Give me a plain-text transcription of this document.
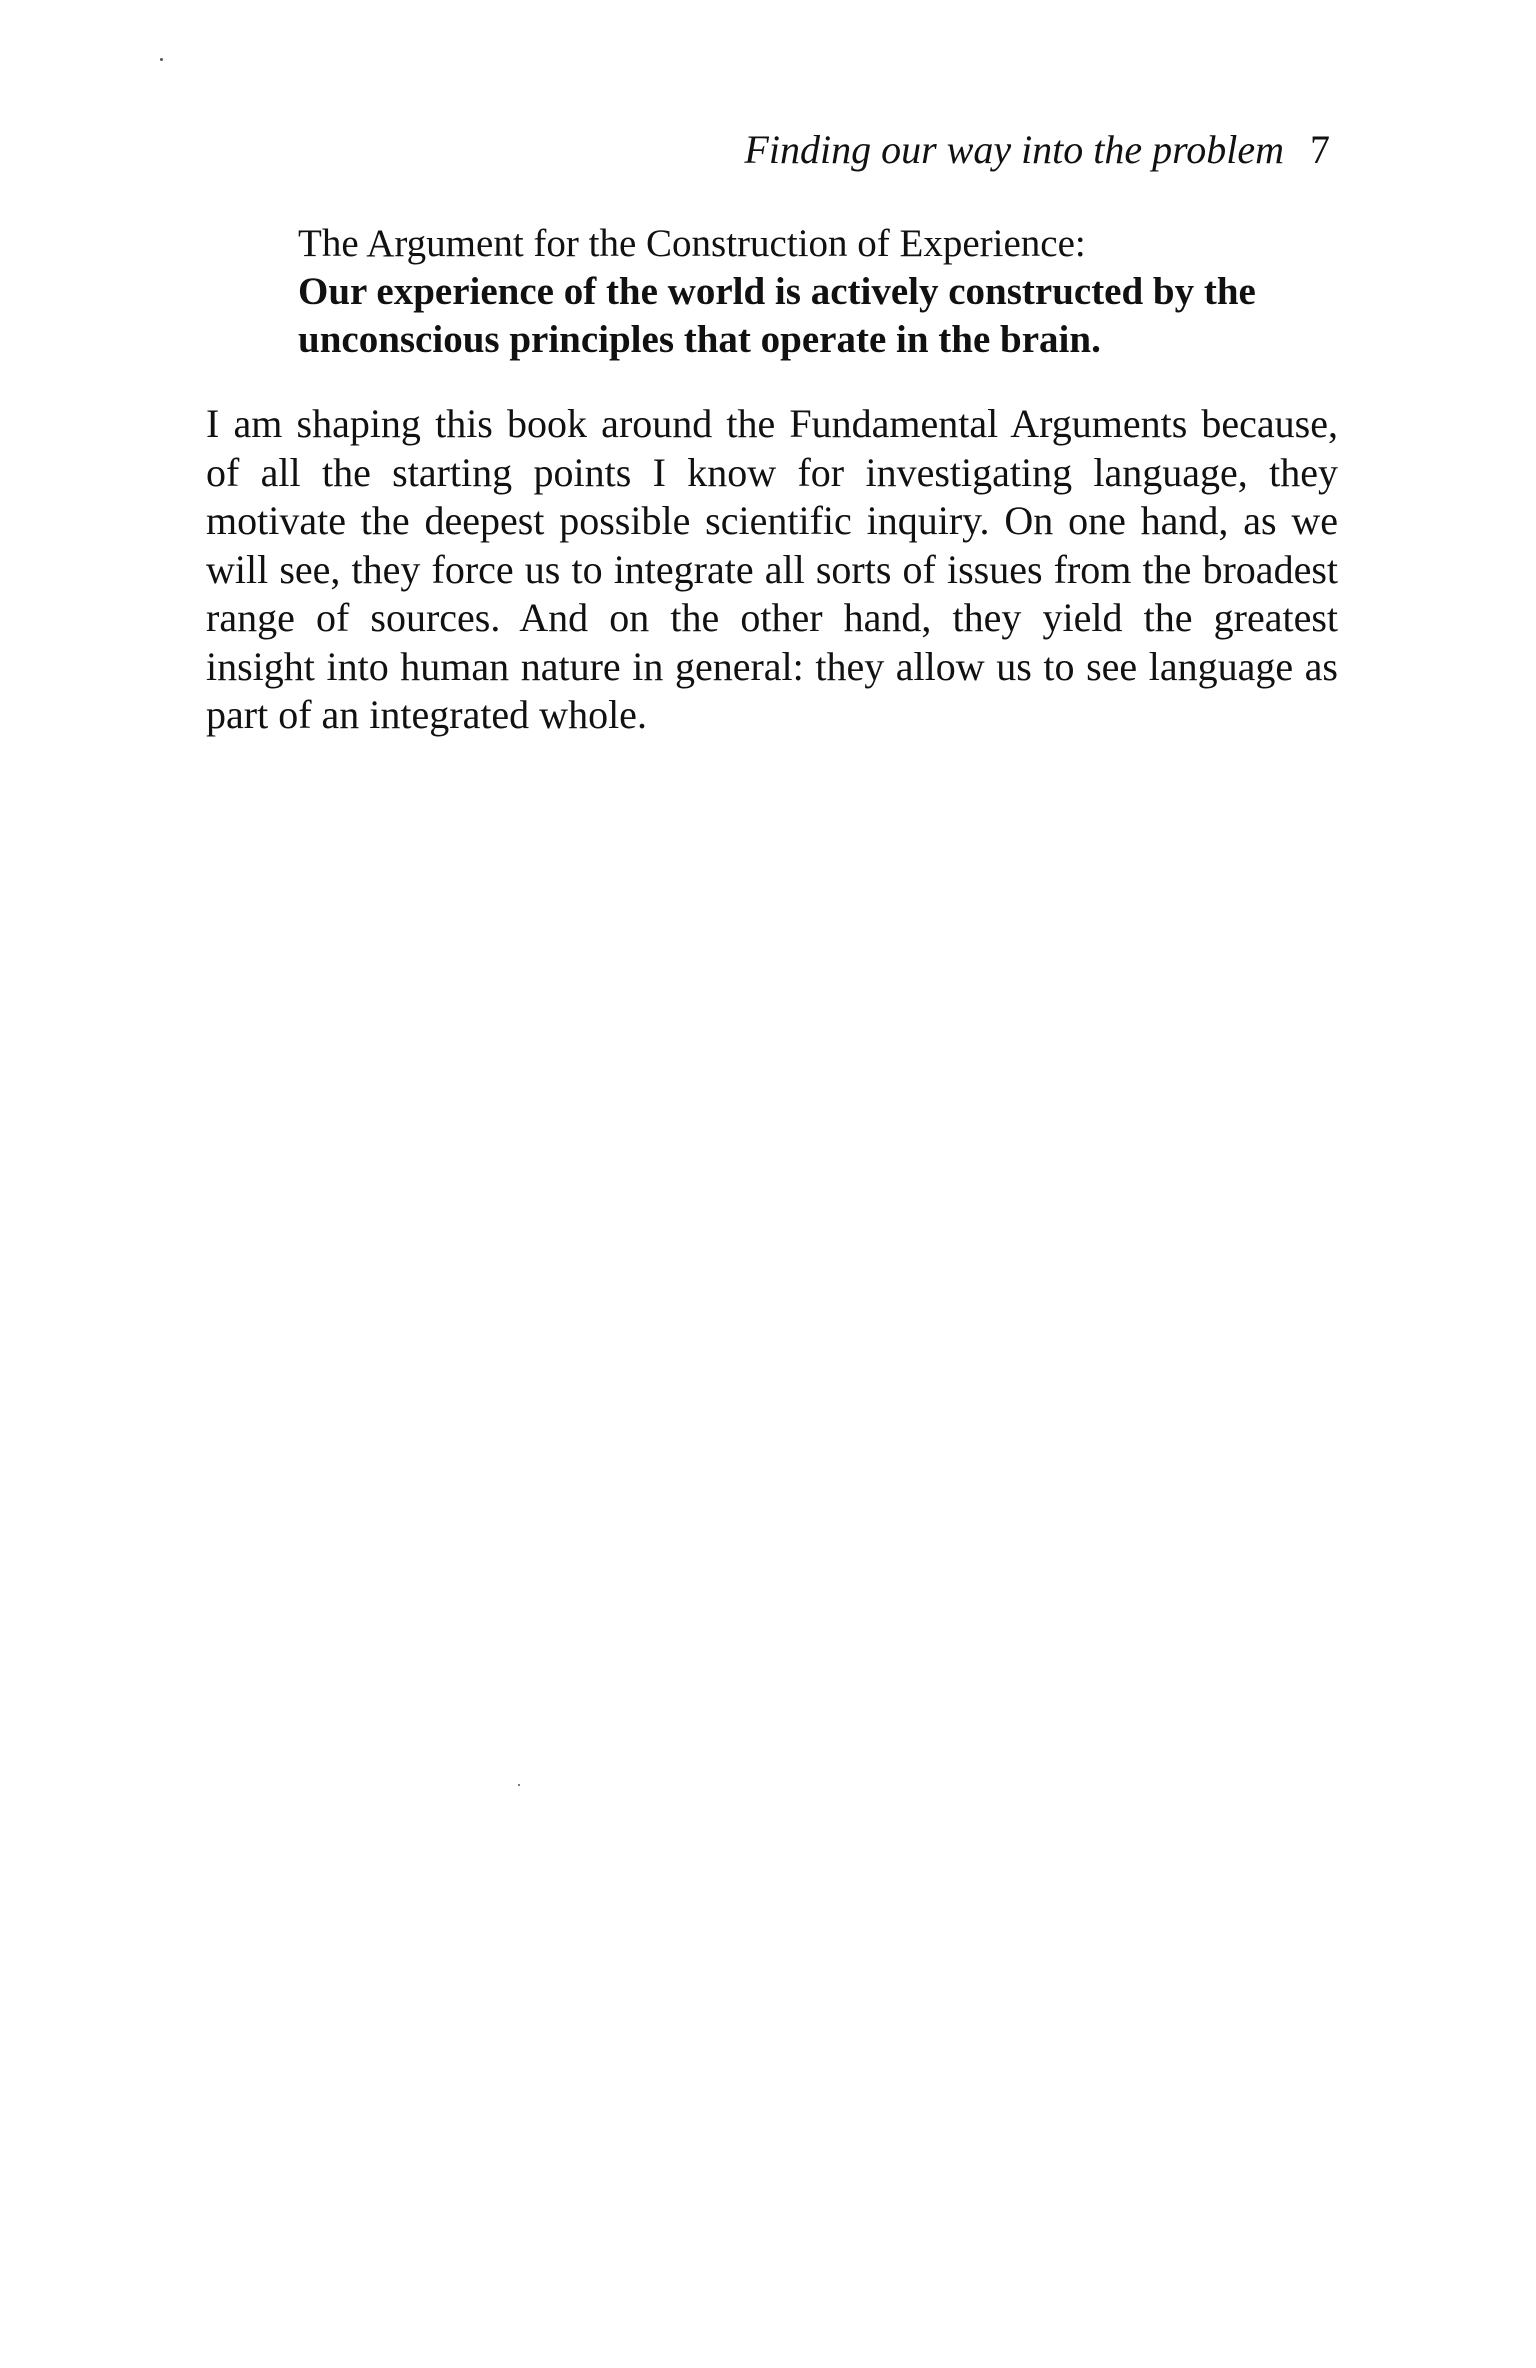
Finding our way into the problem 7

The Argument for the Construction of Experience:

Our experience of the world is actively constructed by the

unconscious principles that operate in the brain.

I am shaping this book around the Fundamental Arguments because,
of all the starting points I know for investigating language, they
motivate the deepest possible scientific inquiry. On one hand, as we
will see, they force us to integrate all sorts of issues from the broadest
range of sources. And on the other hand, they yield the greatest
insight into human nature in general: they allow us to see language as
part of an integrated whole.
